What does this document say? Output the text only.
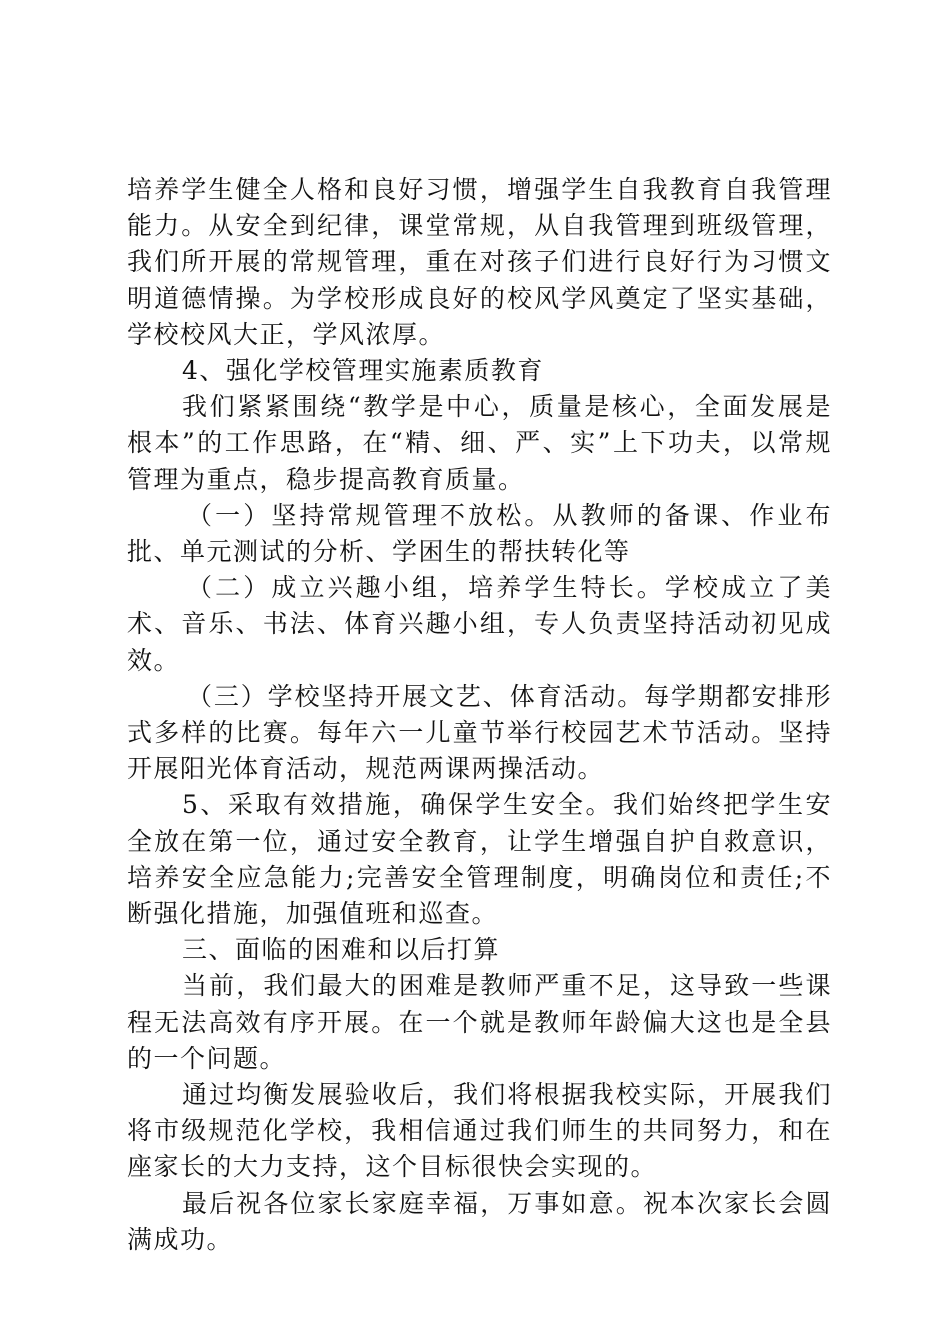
培养学生健全人格和良好习惯，增强学生自我教育自我管理能力。从安全到纪律，课堂常规，从自我管理到班级管理，我们所开展的常规管理，重在对孩子们进行良好行为习惯文明道德情操。为学校形成良好的校风学风奠定了坚实基础，学校校风大正，学风浓厚。

4、强化学校管理实施素质教育

我们紧紧围绕“教学是中心，质量是核心，全面发展是根本”的工作思路，在“精、细、严、实”上下功夫，以常规管理为重点，稳步提高教育质量。

（一）坚持常规管理不放松。从教师的备课、作业布批、单元测试的分析、学困生的帮扶转化等

（二）成立兴趣小组，培养学生特长。学校成立了美术、音乐、书法、体育兴趣小组，专人负责坚持活动初见成效。

（三）学校坚持开展文艺、体育活动。每学期都安排形式多样的比赛。每年六一儿童节举行校园艺术节活动。坚持开展阳光体育活动，规范两课两操活动。

5、采取有效措施，确保学生安全。我们始终把学生安全放在第一位，通过安全教育，让学生增强自护自救意识，培养安全应急能力;完善安全管理制度，明确岗位和责任;不断强化措施，加强值班和巡查。

三、面临的困难和以后打算

当前，我们最大的困难是教师严重不足，这导致一些课程无法高效有序开展。在一个就是教师年龄偏大这也是全县的一个问题。

通过均衡发展验收后，我们将根据我校实际，开展我们将市级规范化学校，我相信通过我们师生的共同努力，和在座家长的大力支持，这个目标很快会实现的。

最后祝各位家长家庭幸福，万事如意。祝本次家长会圆满成功。
